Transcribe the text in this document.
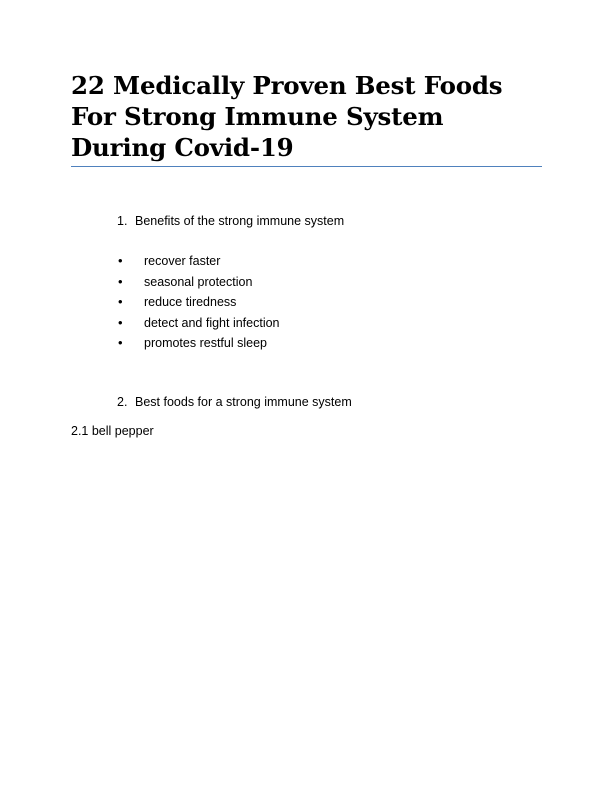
22 Medically Proven Best Foods For Strong Immune System During Covid-19
1. Benefits of the strong immune system
• recover faster
• seasonal protection
• reduce tiredness
• detect and fight infection
• promotes restful sleep
2. Best foods for a strong immune system
2.1 bell pepper
